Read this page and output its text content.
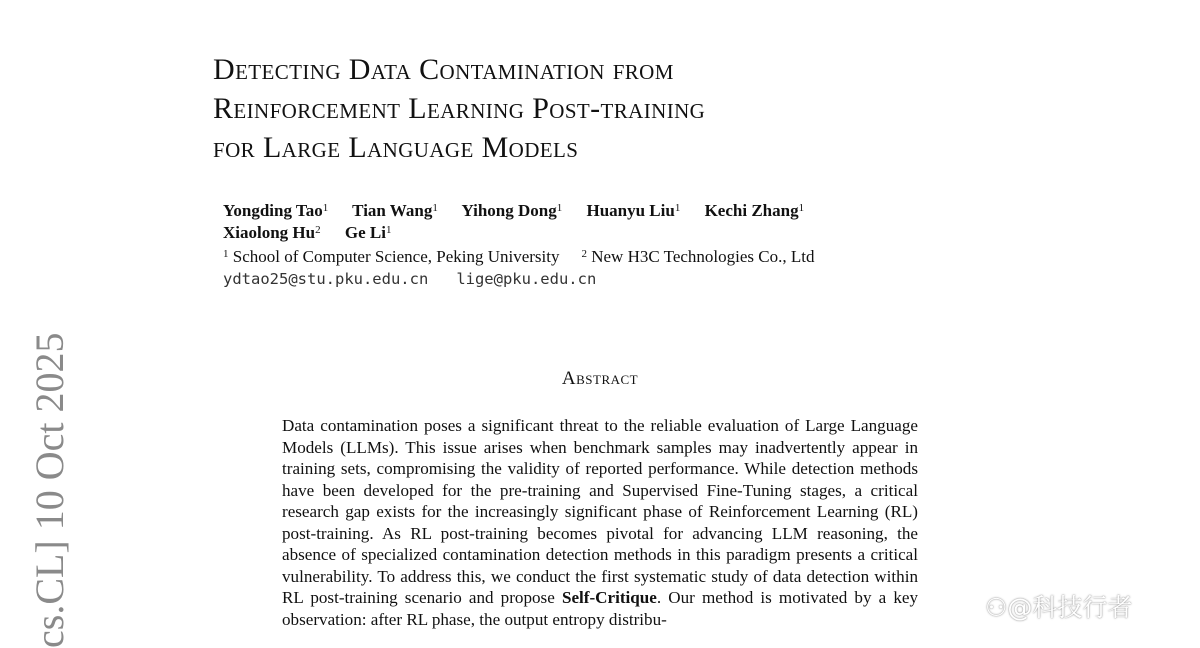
Detecting Data Contamination from
Reinforcement Learning Post-training
for Large Language Models
Yongding Tao$^1$ Tian Wang$^1$ Yihong Dong$^1$ Huanyu Liu$^1$ Kechi Zhang$^1$
Xiaolong Hu$^2$ Ge Li$^1$
$^1$ School of Computer Science, Peking University $^2$ New H3C Technologies Co., Ltd
ydtao25@stu.pku.edu.cn lige@pku.edu.cn
Abstract
Data contamination poses a significant threat to the reliable evaluation of Large Language Models (LLMs). This issue arises when benchmark samples may inadvertently appear in training sets, compromising the validity of reported performance. While detection methods have been developed for the pre-training and Supervised Fine-Tuning stages, a critical research gap exists for the increasingly significant phase of Reinforcement Learning (RL) post-training. As RL post-training becomes pivotal for advancing LLM reasoning, the absence of specialized contamination detection methods in this paradigm presents a critical vulnerability. To address this, we conduct the first systematic study of data detection within RL post-training scenario and propose Self-Critique. Our method is motivated by a key observation: after RL phase, the output entropy distribu-
cs.CL] 10 Oct 2025	⚇@科技行者
